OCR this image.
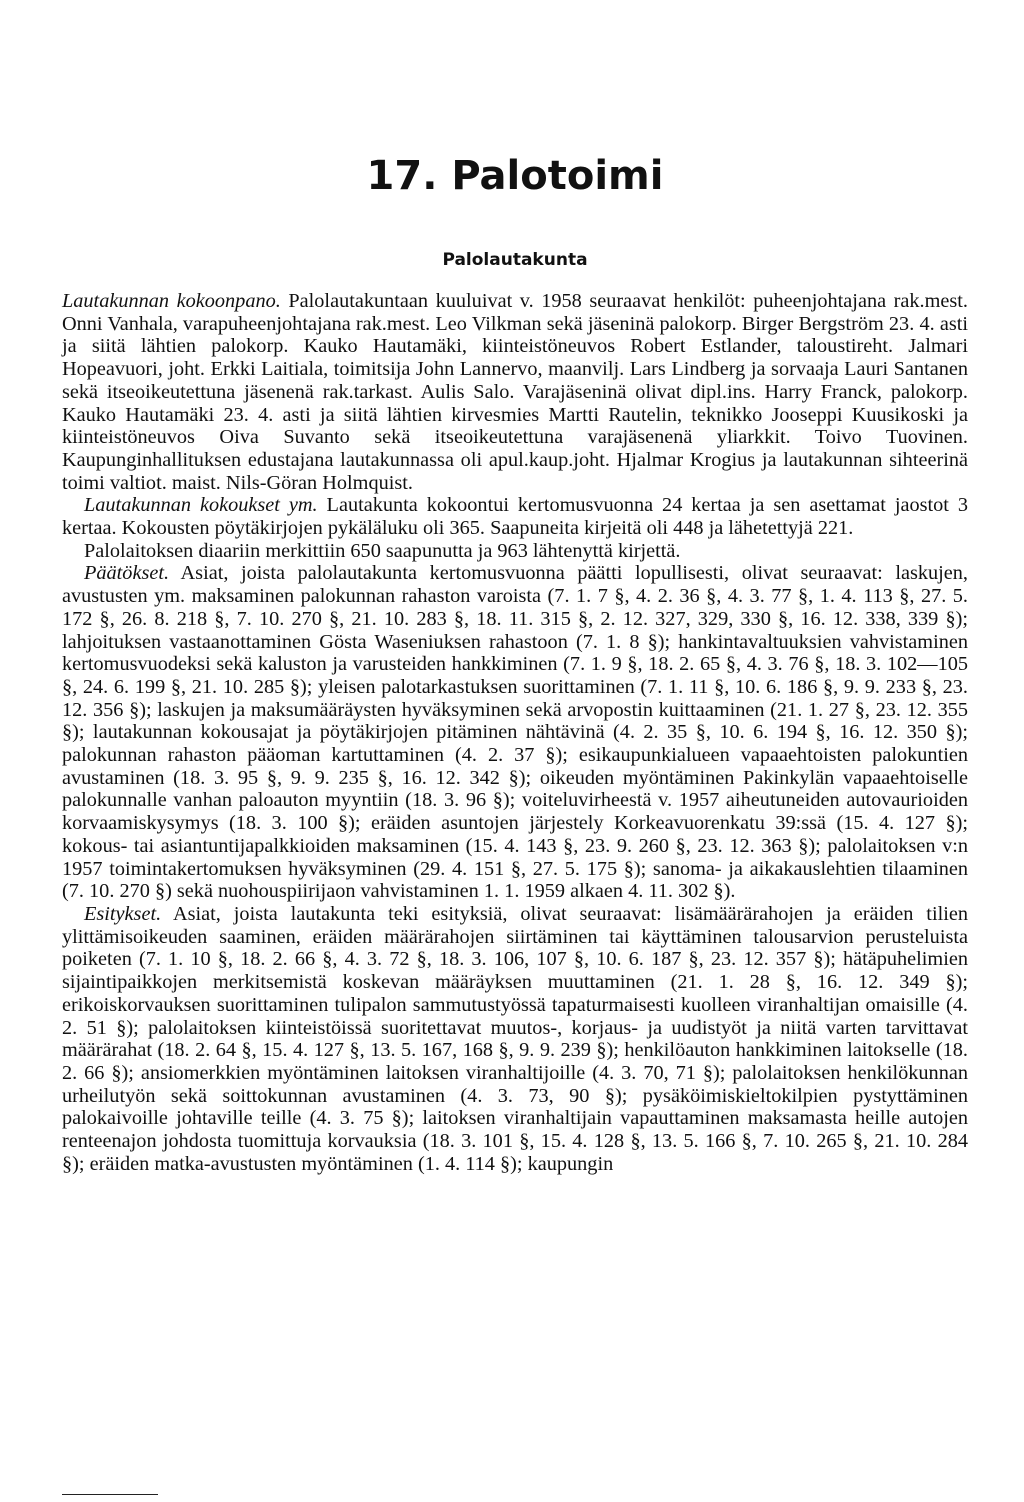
17. Palotoimi
Palolautakunta

Lautakunnan kokoonpano. Palolautakuntaan kuuluivat v. 1958 seuraavat henkilöt: puheenjohtajana rak.mest. Onni Vanhala, varapuheenjohtajana rak.mest. Leo Vilkman sekä jäseninä palokorp. Birger Bergström 23. 4. asti ja siitä lähtien palokorp. Kauko Hautamäki, kiinteistöneuvos Robert Estlander, taloustireht. Jalmari Hopeavuori, joht. Erkki Laitiala, toimitsija John Lannervo, maanvilj. Lars Lindberg ja sorvaaja Lauri Santanen sekä itseoikeutettuna jäsenenä rak.tarkast. Aulis Salo. Varajäseninä olivat dipl.ins. Harry Franck, palokorp. Kauko Hautamäki 23. 4. asti ja siitä lähtien kirvesmies Martti Rautelin, teknikko Jooseppi Kuusikoski ja kiinteistöneuvos Oiva Suvanto sekä itseoikeutettuna varajäsenenä yliarkkit. Toivo Tuovinen. Kaupunginhallituksen edustajana lautakunnassa oli apul.kaup.joht. Hjalmar Krogius ja lautakunnan sihteerinä toimi valtiot. maist. Nils-Göran Holmquist.

Lautakunnan kokoukset ym. Lautakunta kokoontui kertomusvuonna 24 kertaa ja sen asettamat jaostot 3 kertaa. Kokousten pöytäkirjojen pykäläluku oli 365. Saapuneita kirjeitä oli 448 ja lähetettyjä 221.

Palolaitoksen diaariin merkittiin 650 saapunutta ja 963 lähtenyttä kirjettä.

Päätökset. Asiat, joista palolautakunta kertomusvuonna päätti lopullisesti, olivat seuraavat: laskujen, avustusten ym. maksaminen palokunnan rahaston varoista (7. 1. 7 §, 4. 2. 36 §, 4. 3. 77 §, 1. 4. 113 §, 27. 5. 172 §, 26. 8. 218 §, 7. 10. 270 §, 21. 10. 283 §, 18. 11. 315 §, 2. 12. 327, 329, 330 §, 16. 12. 338, 339 §); lahjoituksen vastaanottaminen Gösta Waseniuksen rahastoon (7. 1. 8 §); hankintavaltuuksien vahvistaminen kertomusvuodeksi sekä kaluston ja varusteiden hankkiminen (7. 1. 9 §, 18. 2. 65 §, 4. 3. 76 §, 18. 3. 102—105 §, 24. 6. 199 §, 21. 10. 285 §); yleisen palotarkastuksen suorittaminen (7. 1. 11 §, 10. 6. 186 §, 9. 9. 233 §, 23. 12. 356 §); laskujen ja maksumääräysten hyväksyminen sekä arvopostin kuittaaminen (21. 1. 27 §, 23. 12. 355 §); lautakunnan kokousajat ja pöytäkirjojen pitäminen nähtävinä (4. 2. 35 §, 10. 6. 194 §, 16. 12. 350 §); palokunnan rahaston pääoman kartuttaminen (4. 2. 37 §); esikaupunkialueen vapaaehtoisten palokuntien avustaminen (18. 3. 95 §, 9. 9. 235 §, 16. 12. 342 §); oikeuden myöntäminen Pakinkylän vapaaehtoiselle palokunnalle vanhan paloauton myyntiin (18. 3. 96 §); voiteluvirheestä v. 1957 aiheutuneiden autovaurioiden korvaamiskysymys (18. 3. 100 §); eräiden asuntojen järjestely Korkeavuorenkatu 39:ssä (15. 4. 127 §); kokous- tai asiantuntijapalkkioiden maksaminen (15. 4. 143 §, 23. 9. 260 §, 23. 12. 363 §); palolaitoksen v:n 1957 toimintakertomuksen hyväksyminen (29. 4. 151 §, 27. 5. 175 §); sanoma- ja aikakauslehtien tilaaminen (7. 10. 270 §) sekä nuohouspiirijaon vahvistaminen 1. 1. 1959 alkaen 4. 11. 302 §).

Esitykset. Asiat, joista lautakunta teki esityksiä, olivat seuraavat: lisämäärärahojen ja eräiden tilien ylittämisoikeuden saaminen, eräiden määrärahojen siirtäminen tai käyttäminen talousarvion perusteluista poiketen (7. 1. 10 §, 18. 2. 66 §, 4. 3. 72 §, 18. 3. 106, 107 §, 10. 6. 187 §, 23. 12. 357 §); hätäpuhelimien sijaintipaikkojen merkitsemistä koskevan määräyksen muuttaminen (21. 1. 28 §, 16. 12. 349 §); erikoiskorvauksen suorittaminen tulipalon sammutustyössä tapaturmaisesti kuolleen viranhaltijan omaisille (4. 2. 51 §); palolaitoksen kiinteistöissä suoritettavat muutos-, korjaus- ja uudistyöt ja niitä varten tarvittavat määrärahat (18. 2. 64 §, 15. 4. 127 §, 13. 5. 167, 168 §, 9. 9. 239 §); henkilöauton hankkiminen laitokselle (18. 2. 66 §); ansiomerkkien myöntäminen laitoksen viranhaltijoille (4. 3. 70, 71 §); palolaitoksen henkilökunnan urheilutyön sekä soittokunnan avustaminen (4. 3. 73, 90 §); pysäköimiskieltokilpien pystyttäminen palokaivoille johtaville teille (4. 3. 75 §); laitoksen viranhaltijain vapauttaminen maksamasta heille autojen renteenajon johdosta tuomittuja korvauksia (18. 3. 101 §, 15. 4. 128 §, 13. 5. 166 §, 7. 10. 265 §, 21. 10. 284 §); eräiden matka-avustusten myöntäminen (1. 4. 114 §); kaupungin
